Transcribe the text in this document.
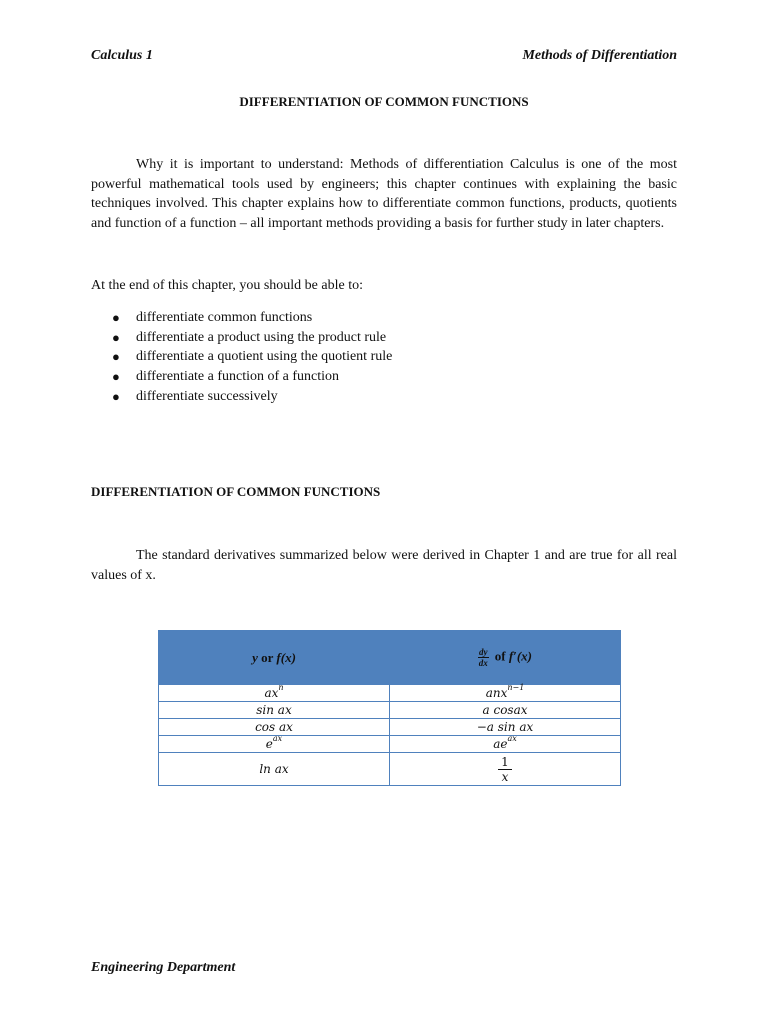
Calculus 1	Methods of Differentiation
DIFFERENTIATION OF COMMON FUNCTIONS
Why it is important to understand: Methods of differentiation Calculus is one of the most powerful mathematical tools used by engineers; this chapter continues with explaining the basic techniques involved. This chapter explains how to differentiate common functions, products, quotients and function of a function – all important methods providing a basis for further study in later chapters.
At the end of this chapter, you should be able to:
● differentiate common functions
● differentiate a product using the product rule
● differentiate a quotient using the quotient rule
● differentiate a function of a function
● differentiate successively
DIFFERENTIATION OF COMMON FUNCTIONS
The standard derivatives summarized below were derived in Chapter 1 and are true for all real values of x.
y or f(x)	$\frac{dy}{dx}$ of f′(x)
$ax^n$	anx$^{n-1}$
sin ax	a cosax
cos ax	−a sin ax
$e^{ax}$	$ae^{ax}$
ln ax	$\frac{1}{x}$
Engineering Department
